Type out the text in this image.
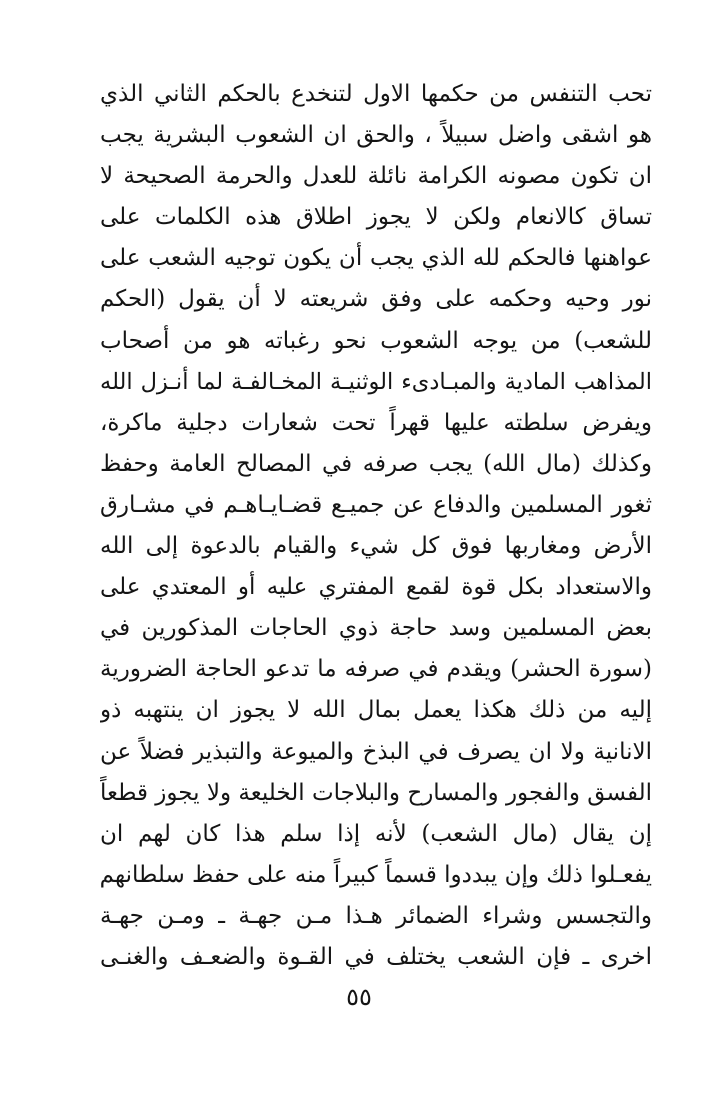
تحب التنفس من حكمها الاول لتنخدع بالحكم الثاني الذي
هو اشقى واضل سبيلاً ، والحق ان الشعوب البشرية يجب
ان تكون مصونه الكرامة نائلة للعدل والحرمة الصحيحة لا
تساق كالانعام ولكن لا يجوز اطلاق هذه الكلمات على
عواهنها فالحكم لله الذي يجب أن يكون توجيه الشعب على
نور وحيه وحكمه على وفق شريعته لا أن يقول (الحكم
للشعب) من يوجه الشعوب نحو رغباته هو من أصحاب
المذاهب المادية والمبـادىء الوثنيـة المخـالفـة لما أنـزل الله
ويفرض سلطته عليها قهراً تحت شعارات دجلية ماكرة،
وكذلك (مال الله) يجب صرفه في المصالح العامة وحفظ
ثغور المسلمين والدفاع عن جميـع قضـايـاهـم في مشـارق
الأرض ومغاربها فوق كل شيء والقيام بالدعوة إلى الله
والاستعداد بكل قوة لقمع المفتري عليه أو المعتدي على
بعض المسلمين وسد حاجة ذوي الحاجات المذكورين في
(سورة الحشر) ويقدم في صرفه ما تدعو الحاجة الضرورية
إليه من ذلك هكذا يعمل بمال الله لا يجوز ان ينتهبه ذو
الانانية ولا ان يصرف في البذخ والميوعة والتبذير فضلاً عن
الفسق والفجور والمسارح والبلاجات الخليعة ولا يجوز قطعاً
إن يقال (مال الشعب) لأنه إذا سلم هذا كان لهم ان
يفعـلوا ذلك وإن يبددوا قسماً كبيراً منه على حفظ سلطانهم
والتجسس وشراء الضمائر هـذا مـن جهـة ـ ومـن جهـة
اخرى ـ فإن الشعب يختلف في القـوة والضعـف والغنـى
٥٥
